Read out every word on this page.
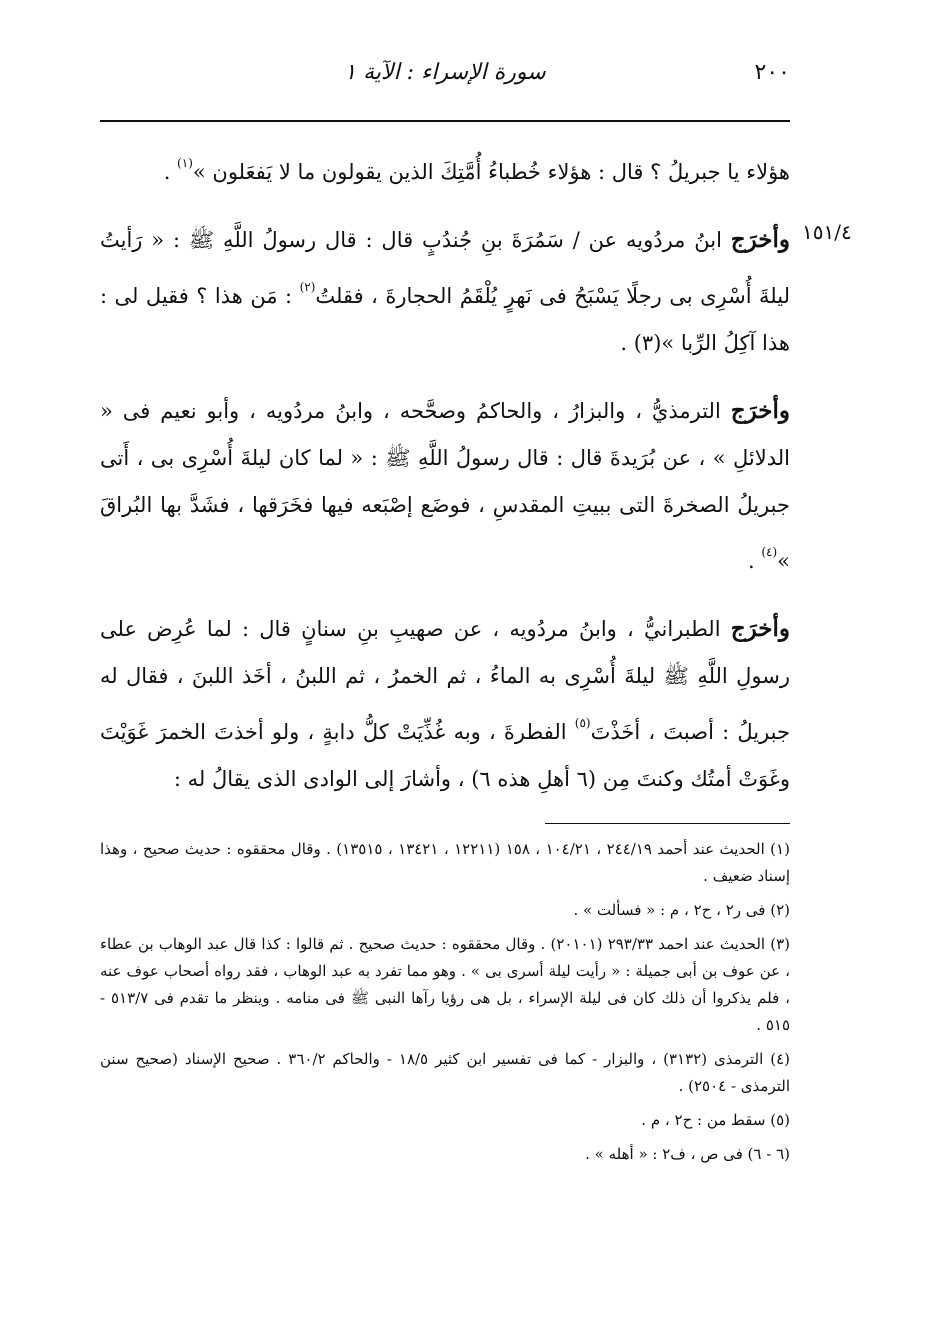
٢٠٠
سورة الإسراء : الآية ١
١٥١/٤

هؤلاء يا جبريلُ ؟ قال : هؤلاء خُطباءُ أُمَّتِكَ الذين يقولون ما لا يَفعَلون »$^{(١)}$ .

وأخرَج ابنُ مردُويه عن / سَمُرَةَ بنِ جُندُبٍ قال : قال رسولُ اللَّهِ ﷺ : « رَأيتُ ليلةَ أُسْرِى بى رجلًا يَسْبَحُ فى نَهرٍ يُلْقَمُ الحجارةَ ، فقلتُ$^{(٢)}$ : مَن هذا ؟ فقيل لى : هذا آكِلُ الرِّبا »(٣) .

وأخرَج الترمذيُّ ، والبزارُ ، والحاكمُ وصحَّحه ، وابنُ مردُويه ، وأبو نعيم فى « الدلائلِ » ، عن بُرَيدةَ قال : قال رسولُ اللَّهِ ﷺ : « لما كان ليلةَ أُسْرِى بى ، أَتى جبريلُ الصخرةَ التى ببيتِ المقدسِ ، فوضَع إصْبَعه فيها فخَرَقها ، فشَدَّ بها البُراقَ »$^{(٤)}$ .

وأخرَج الطبرانيُّ ، وابنُ مردُويه ، عن صهيبِ بنِ سنانٍ قال : لما عُرِض على رسولِ اللَّهِ ﷺ ليلةَ أُسْرِى به الماءُ ، ثم الخمرُ ، ثم اللبنُ ، أخَذ اللبنَ ، فقال له جبريلُ : أصبتَ ، أخَذْتَ$^{(٥)}$ الفطرةَ ، وبه غُذِّيَتْ كلُّ دابةٍ ، ولو أخذتَ الخمرَ غَوَيْتَ وغَوَتْ أمتُك وكنتَ مِن (٦ أهلِ هذه ٦) ، وأشارَ إلى الوادى الذى يقالُ له :

(١) الحديث عند أحمد ٢٤٤/١٩ ، ١٠٤/٢١ ، ١٥٨ (١٢٢١١ ، ١٣٤٢١ ، ١٣٥١٥) . وقال محققوه : حديث صحيح ، وهذا إسناد ضعيف .

(٢) فى ر٢ ، ح٢ ، م : « فسألت » .

(٣) الحديث عند احمد ٢٩٣/٣٣ (٢٠١٠١) . وقال محققوه : حديث صحيح . ثم قالوا : كذا قال عبد الوهاب بن عطاء ، عن عوف بن أبى جميلة : « رأيت ليلة أسرى بى » . وهو مما تفرد به عبد الوهاب ، فقد رواه أصحاب عوف عنه ، فلم يذكروا أن ذلك كان فى ليلة الإسراء ، بل هى رؤيا رآها النبى ﷺ فى منامه . وينظر ما تقدم فى ٥١٣/٧ - ٥١٥ .

(٤) الترمذى (٣١٣٢) ، والبزار - كما فى تفسير ابن كثير ١٨/٥ - والحاكم ٣٦٠/٢ . صحيح الإسناد (صحيح سنن الترمذى - ٢٥٠٤) .

(٥) سقط من : ح٢ ، م .

(٦ - ٦) فى ص ، ف٢ : « أهله » .
